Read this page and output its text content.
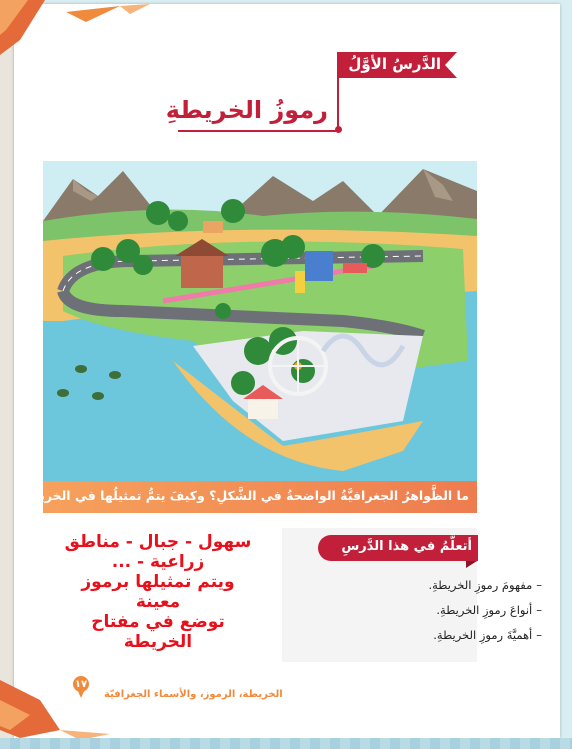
الدَّرسُ الأوَّلُ
رموزُ الخريطةِ
ما الظَّواهرُ الجغرافيَّةُ الواضحةُ في الشَّكلِ؟ وكيفَ يتمُّ تمثيلُها في الخريطةِ؟
سهول - جبال - مناطق
زراعية - ...
ويتم تمثيلها برموز معينة
توضع في مفتاح الخريطة
أتعلَّمُ في هذا الدَّرسِ
–مفهومَ رموزِ الخريطةِ.
–أنواعَ رموزِ الخريطةِ.
–أهميَّةَ رموزِ الخريطةِ.
١٧
الخريطة، الرموز، والأسماء الجغرافيّة
